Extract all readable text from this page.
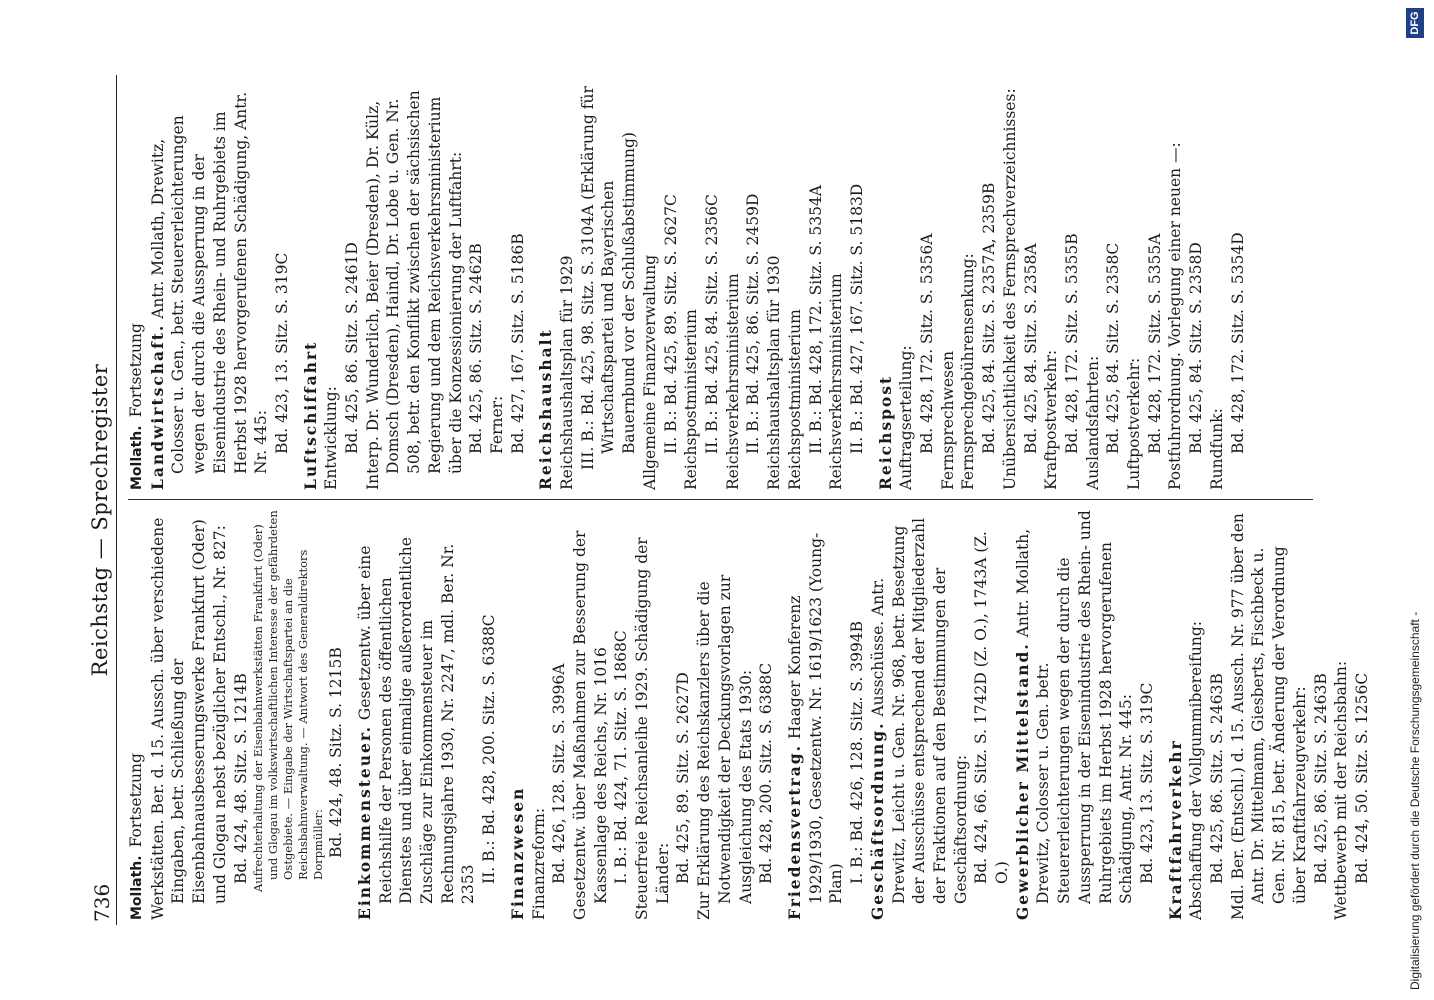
736
Reichstag — Sprechregister
Mollath.Fortsetzung Werkstätten. Ber. d. 15. Aussch. über verschiedene Eingaben, betr. Schließung der Eisenbahnausbesserungswerke Frankfurt (Oder) und Glogau nebst bezüglicher Entschl., Nr. 827: Bd. 424, 48. Sitz. S. 1214B Aufrechterhaltung der Eisenbahnwerkstätten Frankfurt (Oder) und Glogau im volkswirtschaftlichen Interesse der gefährdeten Ostgebiete. — Eingabe der Wirtschaftspartei an die Reichsbahnverwaltung. — Antwort des Generaldirektors Dorpmüller: Bd. 424, 48. Sitz. S. 1215B Einkommensteuer. Gesetzentw. über eine Reichshilfe der Personen des öffentlichen Dienstes und über einmalige außerordentliche Zuschläge zur Einkommensteuer im Rechnungsjahre 1930, Nr. 2247, mdl. Ber. Nr. 2353
II. B.: Bd. 428, 200. Sitz. S. 6388C Finanzwesen Finanzreform: Bd. 426, 128. Sitz. S. 3996A Gesetzentw. über Maßnahmen zur Besserung der Kassenlage des Reichs, Nr. 1016 I. B.: Bd. 424, 71. Sitz. S. 1868C Steuerfreie Reichsanleihe 1929. Schädigung der Länder: Bd. 425, 89. Sitz. S. 2627D Zur Erklärung des Reichskanzlers über die Notwendigkeit der Deckungsvorlagen zur Ausgleichung des Etats 1930: Bd. 428, 200. Sitz. S. 6388C Friedensvertrag. Haager Konferenz 1929/1930, Gesetzentw. Nr. 1619/1623 (Young-Plan) I. B.: Bd. 426, 128. Sitz. S. 3994B Geschäftsordnung. Ausschüsse. Antr. Drewitz, Leicht u. Gen. Nr. 968, betr. Besetzung der Ausschüsse entsprechend der Mitgliederzahl der Fraktionen auf den Bestimmungen der Geschäftsordnung: Bd. 424, 66. Sitz. S. 1742D (Z. O.), 1743A (Z. O.) Gewerblicher Mittelstand. Antr. Mollath, Drewitz, Colosser u. Gen. betr. Steuererleichterungen wegen der durch die Aussperrung in der Eisenindustrie des Rhein- und Ruhrgebiets im Herbst 1928 hervorgerufenen Schädigung, Antr. Nr. 445: Bd. 423, 13. Sitz. S. 319C Kraftfahrverkehr Abschaffung der Vollgummibereifung: Bd. 425, 86. Sitz. S. 2463B Mdl. Ber. (Entschl.) d. 15. Aussch. Nr. 977 über den Antr. Dr. Mittelmann, Giesberts, Fischbeck u. Gen. Nr. 815, betr. Änderung der Verordnung über Kraftfahrzeugverkehr: Bd. 425, 86. Sitz. S. 2463B Wettbewerb mit der Reichsbahn: Bd. 424, 50. Sitz. S. 1256C
Mollath.Fortsetzung Landwirtschaft. Antr. Mollath, Drewitz, Colosser u. Gen., betr. Steuererleichterungen wegen der durch die Aussperrung in der Eisenindustrie des Rhein- und Ruhrgebiets im Herbst 1928 hervorgerufenen Schädigung, Antr. Nr. 445: Bd. 423, 13. Sitz. S. 319C Luftschiffahrt Entwicklung: Bd. 425, 86. Sitz. S. 2461D Interp. Dr. Wunderlich, Beier (Dresden), Dr. Külz, Domsch (Dresden), Haindl, Dr. Lobe u. Gen. Nr. 508, betr. den Konflikt zwischen der sächsischen Regierung und dem Reichsverkehrsministerium über die Konzessionierung der Luftfahrt: Bd. 425, 86. Sitz. S. 2462B Ferner: Bd. 427, 167. Sitz. S. 5186B Reichshaushalt Reichshaushaltsplan für 1929 III. B.: Bd. 425, 98. Sitz. S. 3104A (Erklärung für Wirtschaftspartei und Bayerischen Bauernbund vor der Schlußabstimmung) Allgemeine Finanzverwaltung II. B.: Bd. 425, 89. Sitz. S. 2627C Reichspostministerium II. B.: Bd. 425, 84. Sitz. S. 2356C Reichsverkehrsministerium II. B.: Bd. 425, 86. Sitz. S. 2459D Reichshaushaltsplan für 1930 Reichspostministerium II. B.: Bd. 428, 172. Sitz. S. 5354A Reichsverkehrsministerium II. B.: Bd. 427, 167. Sitz. S. 5183D Reichspost Auftragserteilung: Bd. 428, 172. Sitz. S. 5356A Fernsprechwesen Fernsprechgebührensenkung: Bd. 425, 84. Sitz. S. 2357A, 2359B Unübersichtlichkeit des Fernsprechverzeichnisses: Bd. 425, 84. Sitz. S. 2358A Kraftpostverkehr: Bd. 428, 172. Sitz. S. 5355B Auslandsfahrten: Bd. 425, 84. Sitz. S. 2358C Luftpostverkehr: Bd. 428, 172. Sitz. S. 5355A Postfuhrordnung. Vorlegung einer neuen —: Bd. 425, 84. Sitz. S. 2358D Rundfunk: Bd. 428, 172. Sitz. S. 5354D
Digitalisierung gefördert durch die Deutsche Forschungsgemeinschaft -
DFG
